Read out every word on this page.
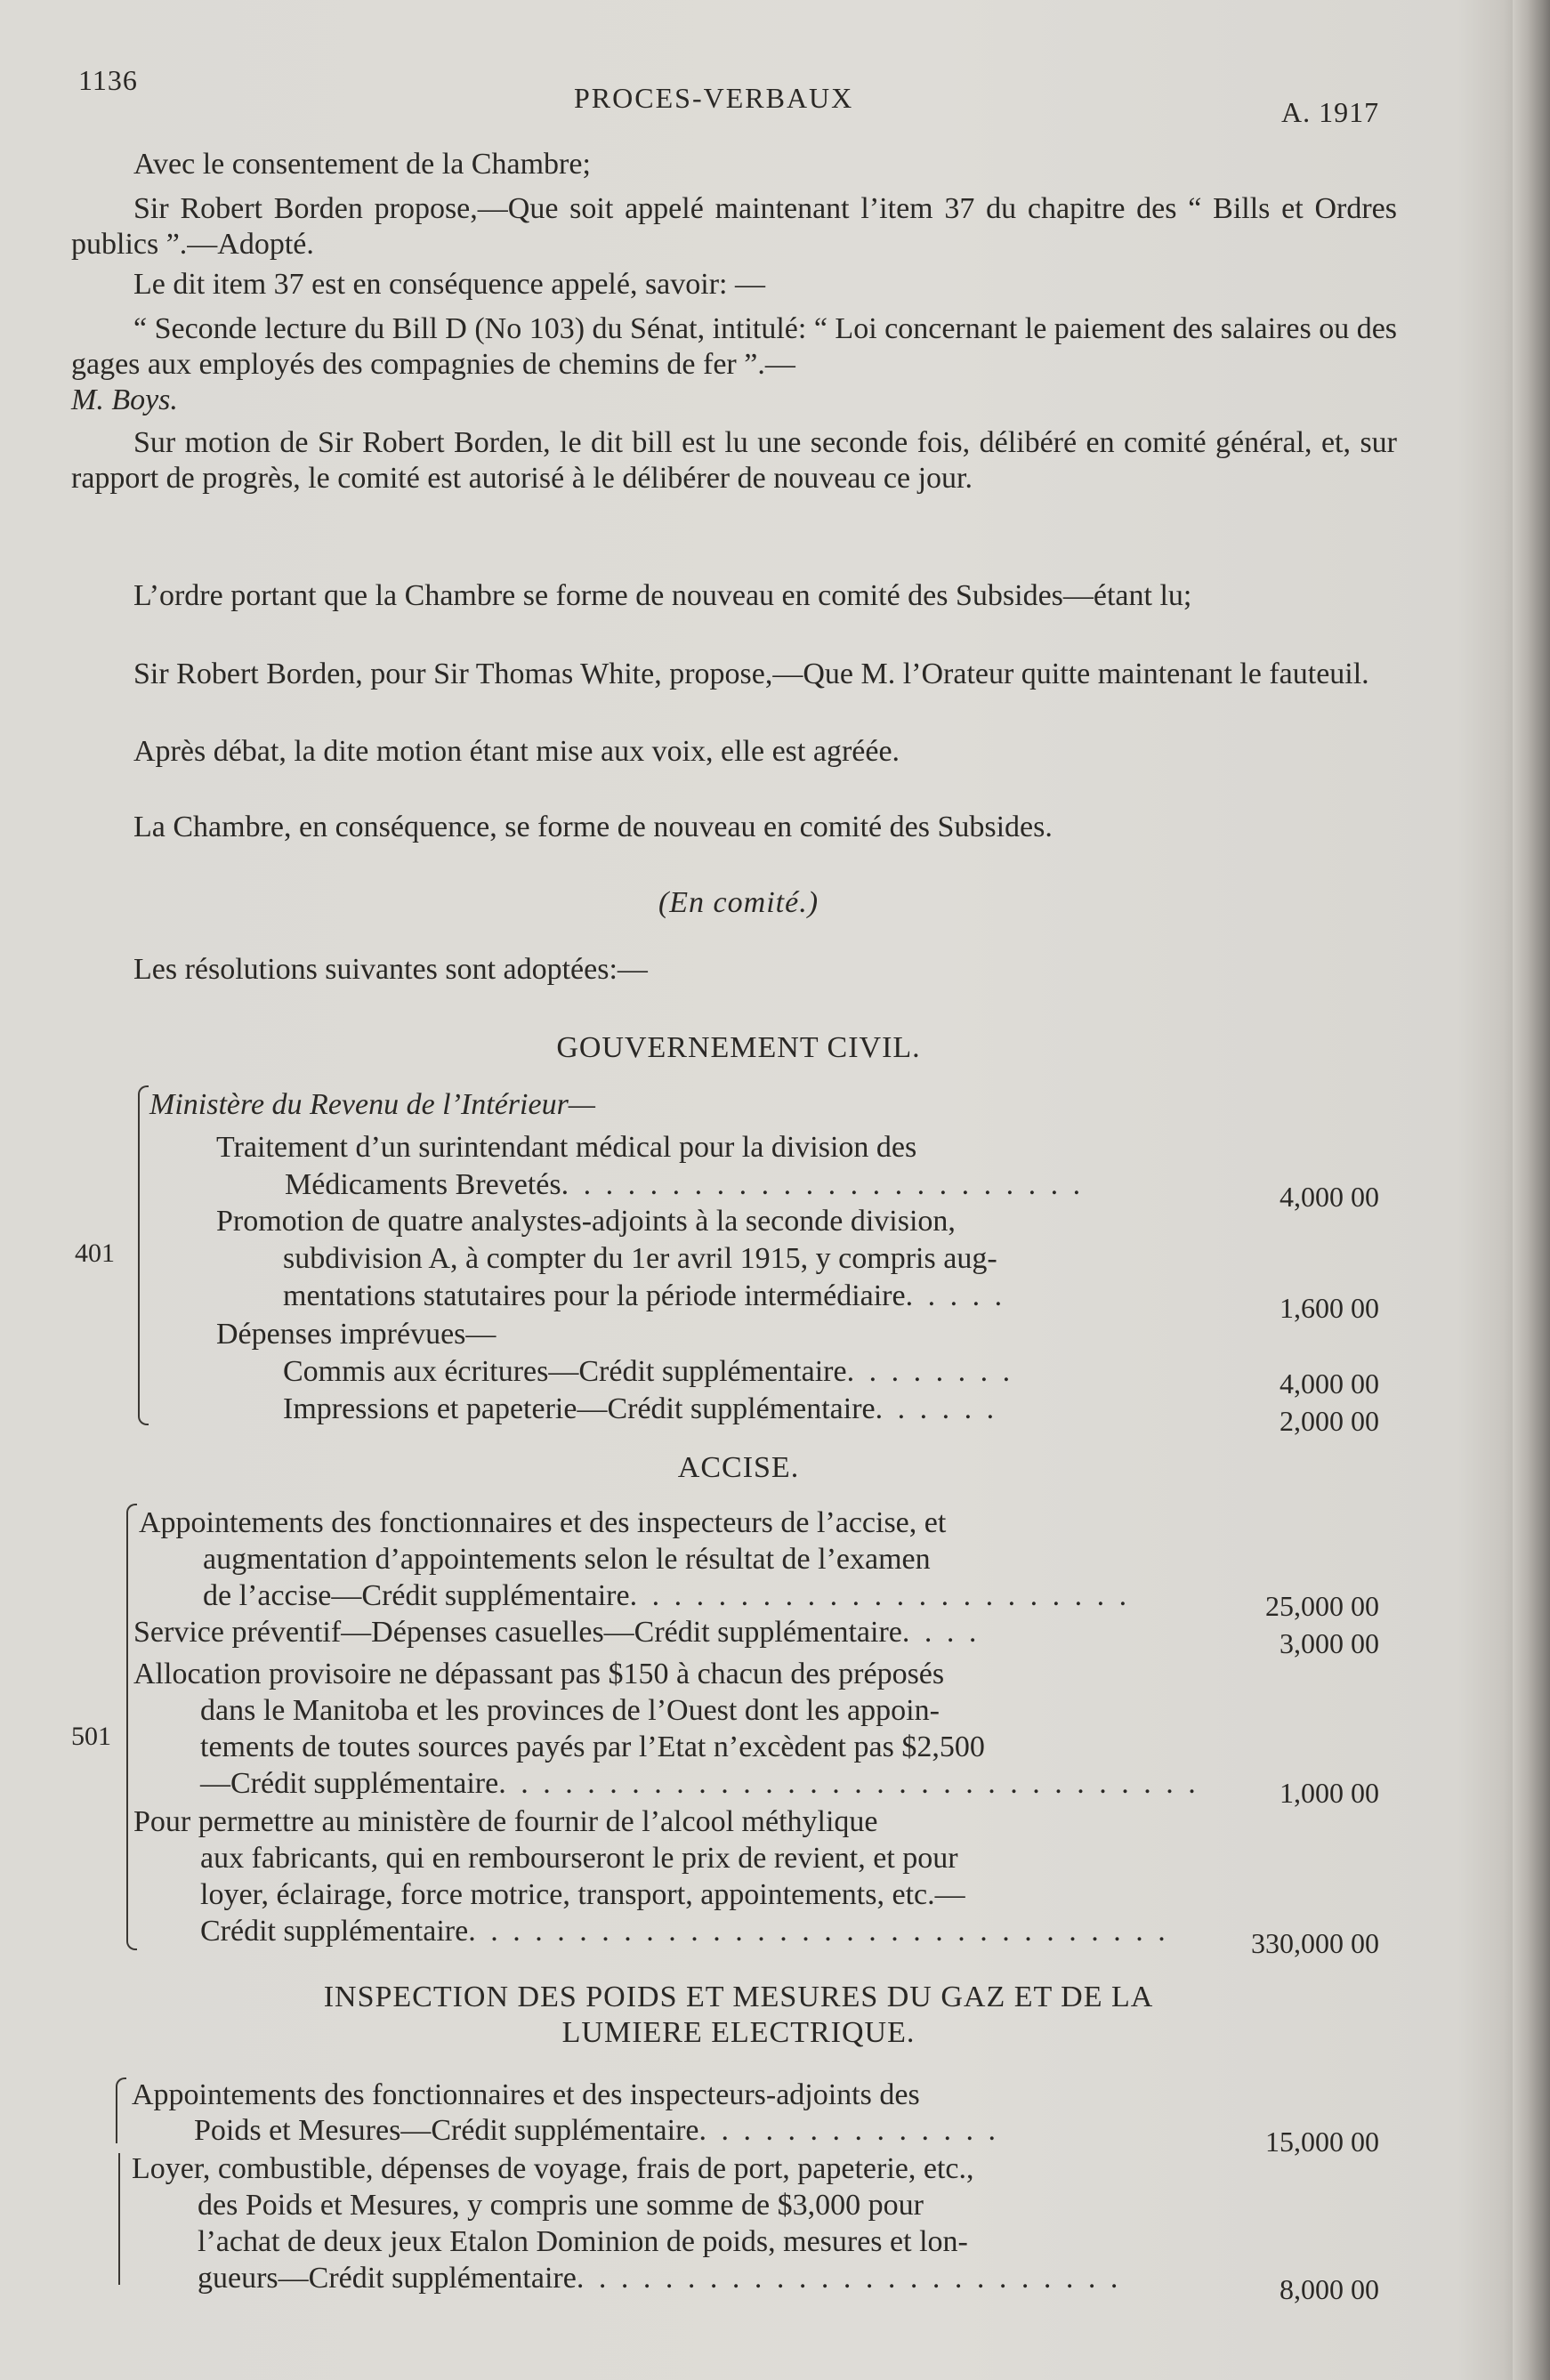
1136
PROCES-VERBAUX	A. 1917

Avec le consentement de la Chambre;

Sir Robert Borden propose,—Que soit appelé maintenant l’item 37 du chapitre des “ Bills et Ordres publics ”.—Adopté.

Le dit item 37 est en conséquence appelé, savoir: —

“ Seconde lecture du Bill D (No 103) du Sénat, intitulé: “ Loi concernant le paiement des salaires ou des gages aux employés des compagnies de chemins de fer ”.—
M. Boys.

Sur motion de Sir Robert Borden, le dit bill est lu une seconde fois, délibéré en comité général, et, sur rapport de progrès, le comité est autorisé à le délibérer de nouveau ce jour.

L’ordre portant que la Chambre se forme de nouveau en comité des Subsides—étant lu;

Sir Robert Borden, pour Sir Thomas White, propose,—Que M. l’Orateur quitte maintenant le fauteuil.

Après débat, la dite motion étant mise aux voix, elle est agréée.

La Chambre, en conséquence, se forme de nouveau en comité des Subsides.

(En comité.)

Les résolutions suivantes sont adoptées:—

GOUVERNEMENT CIVIL.
401
Ministère du Revenu de l’Intérieur—
Traitement d’un surintendant médical pour la division des
Médicaments Brevetés. . . . . . . . . . . . . . . . . . . . . . . .	4,000 00
Promotion de quatre analystes-adjoints à la seconde division,
subdivision A, à compter du 1er avril 1915, y compris aug-
mentations statutaires pour la période intermédiaire. . . . .	1,600 00
Dépenses imprévues—
Commis aux écritures—Crédit supplémentaire. . . . . . . .	4,000 00
Impressions et papeterie—Crédit supplémentaire. . . . . .	2,000 00
ACCISE.
501
Appointements des fonctionnaires et des inspecteurs de l’accise, et
augmentation d’appointements selon le résultat de l’examen
de l’accise—Crédit supplémentaire. . . . . . . . . . . . . . . . . . . . . . .	25,000 00
Service préventif—Dépenses casuelles—Crédit supplémentaire. . . .	3,000 00
Allocation provisoire ne dépassant pas $150 à chacun des préposés
dans le Manitoba et les provinces de l’Ouest dont les appoin-
tements de toutes sources payés par l’Etat n’excèdent pas $2,500
—Crédit supplémentaire. . . . . . . . . . . . . . . . . . . . . . . . . . . . . . . .	1,000 00
Pour permettre au ministère de fournir de l’alcool méthylique
aux fabricants, qui en rembourseront le prix de revient, et pour
loyer, éclairage, force motrice, transport, appointements, etc.—
Crédit supplémentaire. . . . . . . . . . . . . . . . . . . . . . . . . . . . . . . .	330,000 00
INSPECTION DES POIDS ET MESURES DU GAZ ET DE LA
LUMIERE ELECTRIQUE.
Appointements des fonctionnaires et des inspecteurs-adjoints des
Poids et Mesures—Crédit supplémentaire. . . . . . . . . . . . . .	15,000 00
Loyer, combustible, dépenses de voyage, frais de port, papeterie, etc.,
des Poids et Mesures, y compris une somme de $3,000 pour
l’achat de deux jeux Etalon Dominion de poids, mesures et lon-
gueurs—Crédit supplémentaire. . . . . . . . . . . . . . . . . . . . . . . . .	8,000 00
